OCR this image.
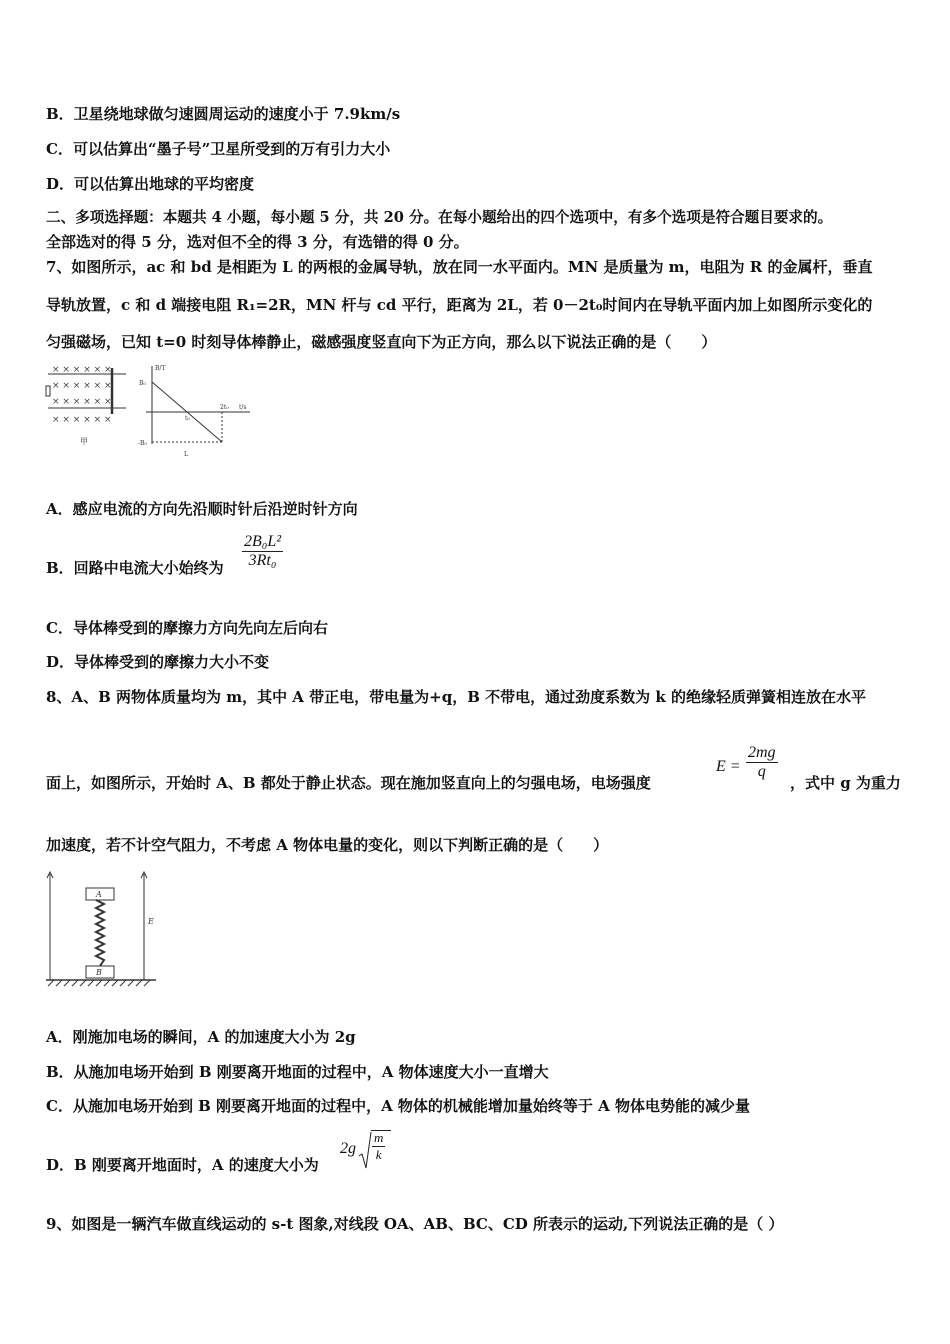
B．卫星绕地球做匀速圆周运动的速度小于 7.9km/s
C．可以估算出“墨子号”卫星所受到的万有引力大小
D．可以估算出地球的平均密度
二、多项选择题：本题共 4 小题，每小题 5 分，共 20 分。在每小题给出的四个选项中，有多个选项是符合题目要求的。
全部选对的得 5 分，选对但不全的得 3 分，有选错的得 0 分。
7、如图所示，ac 和 bd 是相距为 L 的两根的金属导轨，放在同一水平面内。MN 是质量为 m，电阻为 R 的金属杆，垂直
导轨放置，c 和 d 端接电阻 R₁=2R，MN 杆与 cd 平行，距离为 2L，若 0－2t₀时间内在导轨平面内加上如图所示变化的
匀强磁场，已知 t=0 时刻导体棒静止，磁感强度竖直向下为正方向，那么以下说法正确的是（　　）
× × × × × ×
× × × × × ×
× × × × × ×
× × × × × ×
甲
B/T
B₀
-B₀
t₀
2t₀ t/s
L
A．感应电流的方向先沿顺时针后沿逆时针方向
B．回路中电流大小始终为
2B₀L²
3Rt₀
C．导体棒受到的摩擦力方向先向左后向右
D．导体棒受到的摩擦力大小不变
8、A、B 两物体质量均为 m，其中 A 带正电，带电量为+q，B 不带电，通过劲度系数为 k 的绝缘轻质弹簧相连放在水平
面上，如图所示，开始时 A、B 都处于静止状态。现在施加竖直向上的匀强电场，电场强度
E =
2mg
q
，式中 g 为重力
加速度，若不计空气阻力，不考虑 A 物体电量的变化，则以下判断正确的是（　　）
A
B
E
A．刚施加电场的瞬间，A 的加速度大小为 2g
B．从施加电场开始到 B 刚要离开地面的过程中，A 物体速度大小一直增大
C．从施加电场开始到 B 刚要离开地面的过程中，A 物体的机械能增加量始终等于 A 物体电势能的减少量
D．B 刚要离开地面时，A 的速度大小为
2g
m
k
9、如图是一辆汽车做直线运动的 s-t 图象,对线段 OA、AB、BC、CD 所表示的运动,下列说法正确的是（ ）
